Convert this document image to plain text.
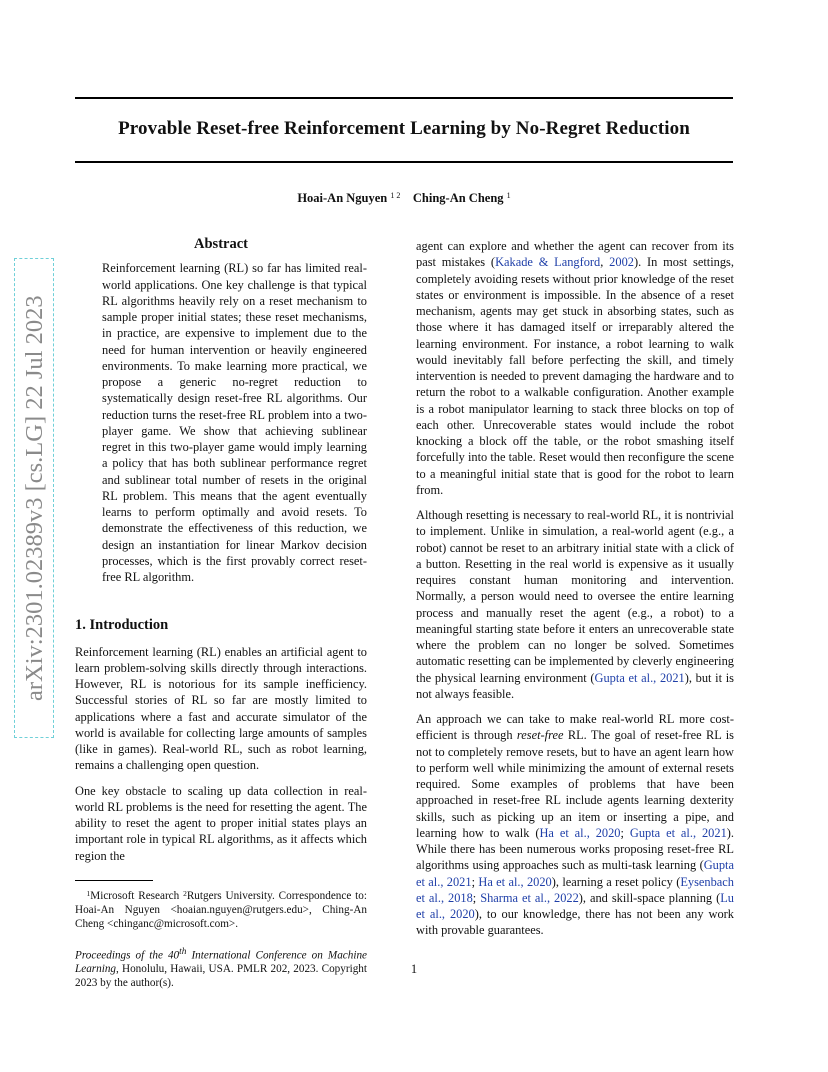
arXiv:2301.02389v3 [cs.LG] 22 Jul 2023
Provable Reset-free Reinforcement Learning by No-Regret Reduction
Hoai-An Nguyen $^{1 2}$ Ching-An Cheng $^1$
Abstract
Reinforcement learning (RL) so far has limited real-world applications. One key challenge is that typical RL algorithms heavily rely on a reset mechanism to sample proper initial states; these reset mechanisms, in practice, are expensive to implement due to the need for human intervention or heavily engineered environments. To make learning more practical, we propose a generic no-regret reduction to systematically design reset-free RL algorithms. Our reduction turns the reset-free RL problem into a two-player game. We show that achieving sublinear regret in this two-player game would imply learning a policy that has both sublinear performance regret and sublinear total number of resets in the original RL problem. This means that the agent eventually learns to perform optimally and avoid resets. To demonstrate the effectiveness of this reduction, we design an instantiation for linear Markov decision processes, which is the first provably correct reset-free RL algorithm.
1. Introduction

Reinforcement learning (RL) enables an artificial agent to learn problem-solving skills directly through interactions. However, RL is notorious for its sample inefficiency. Successful stories of RL so far are mostly limited to applications where a fast and accurate simulator of the world is available for collecting large amounts of samples (like in games). Real-world RL, such as robot learning, remains a challenging open question.

One key obstacle to scaling up data collection in real-world RL problems is the need for resetting the agent. The ability to reset the agent to proper initial states plays an important role in typical RL algorithms, as it affects which region the

$^1$Microsoft Research $^2$Rutgers University. Correspondence to: Hoai-An Nguyen <hoaian.nguyen@rutgers.edu>, Ching-An Cheng <chinganc@microsoft.com>.

Proceedings of the 40th International Conference on Machine Learning, Honolulu, Hawaii, USA. PMLR 202, 2023. Copyright 2023 by the author(s).

agent can explore and whether the agent can recover from its past mistakes (Kakade & Langford, 2002). In most settings, completely avoiding resets without prior knowledge of the reset states or environment is impossible. In the absence of a reset mechanism, agents may get stuck in absorbing states, such as those where it has damaged itself or irreparably altered the learning environment. For instance, a robot learning to walk would inevitably fall before perfecting the skill, and timely intervention is needed to prevent damaging the hardware and to return the robot to a walkable configuration. Another example is a robot manipulator learning to stack three blocks on top of each other. Unrecoverable states would include the robot knocking a block off the table, or the robot smashing itself forcefully into the table. Reset would then reconfigure the scene to a meaningful initial state that is good for the robot to learn from.

Although resetting is necessary to real-world RL, it is nontrivial to implement. Unlike in simulation, a real-world agent (e.g., a robot) cannot be reset to an arbitrary initial state with a click of a button. Resetting in the real world is expensive as it usually requires constant human monitoring and intervention. Normally, a person would need to oversee the entire learning process and manually reset the agent (e.g., a robot) to a meaningful starting state before it enters an unrecoverable state where the problem can no longer be solved. Sometimes automatic resetting can be implemented by cleverly engineering the physical learning environment (Gupta et al., 2021), but it is not always feasible.

An approach we can take to make real-world RL more cost-efficient is through reset-free RL. The goal of reset-free RL is not to completely remove resets, but to have an agent learn how to perform well while minimizing the amount of external resets required. Some examples of problems that have been approached in reset-free RL include agents learning dexterity skills, such as picking up an item or inserting a pipe, and learning how to walk (Ha et al., 2020; Gupta et al., 2021). While there has been numerous works proposing reset-free RL algorithms using approaches such as multi-task learning (Gupta et al., 2021; Ha et al., 2020), learning a reset policy (Eysenbach et al., 2018; Sharma et al., 2022), and skill-space planning (Lu et al., 2020), to our knowledge, there has not been any work with provable guarantees.

1
